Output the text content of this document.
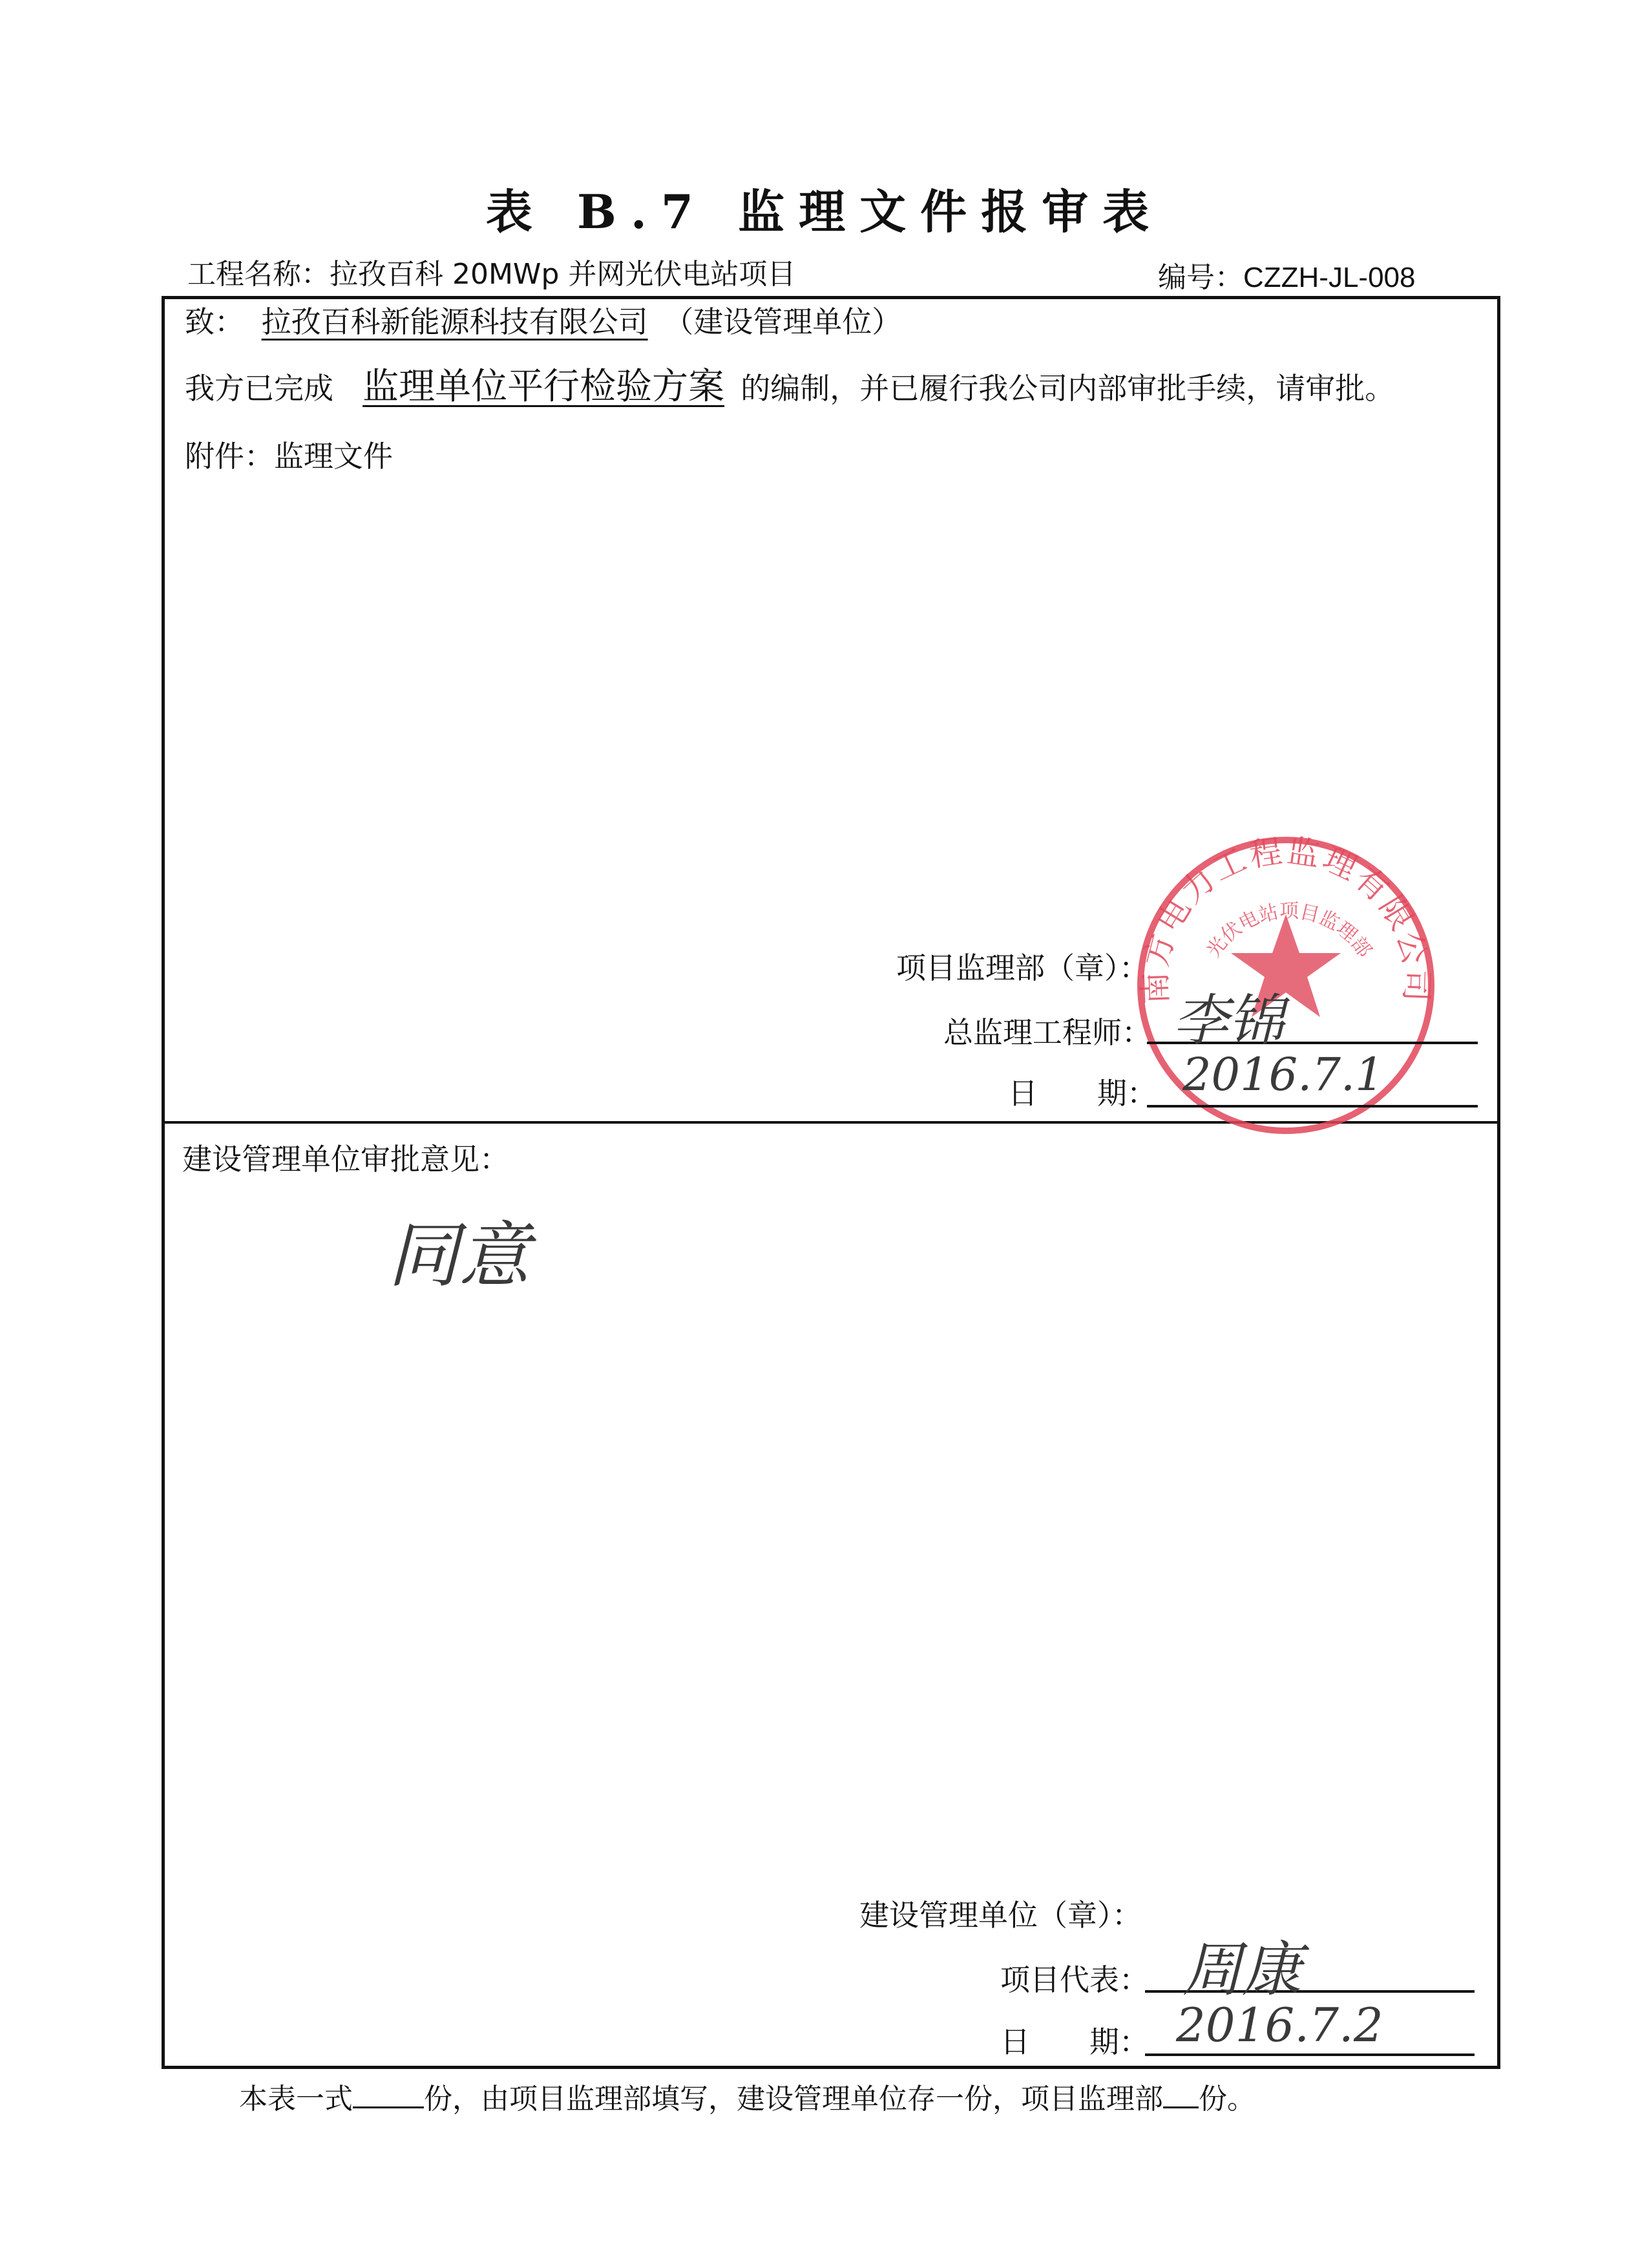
表 B.7 监理文件报审表
工程名称：拉孜百科 20MWp 并网光伏电站项目	编号：CZZH-JL-008
致： 拉孜百科新能源科技有限公司 （建设管理单位）
我方已完成 监理单位平行检验方案 的编制，并已履行我公司内部审批手续，请审批。
附件：监理文件
南方电力工程监理有限公司
光伏电站项目监理部
项目监理部（章）：
总监理工程师： 李锦
日　　期： 2016.7.1
建设管理单位审批意见：
同意
建设管理单位（章）：
项目代表： 周康
日　　期： 2016.7.2
本表一式	份，由项目监理部填写，建设管理单位存一份，项目监理部 份。
